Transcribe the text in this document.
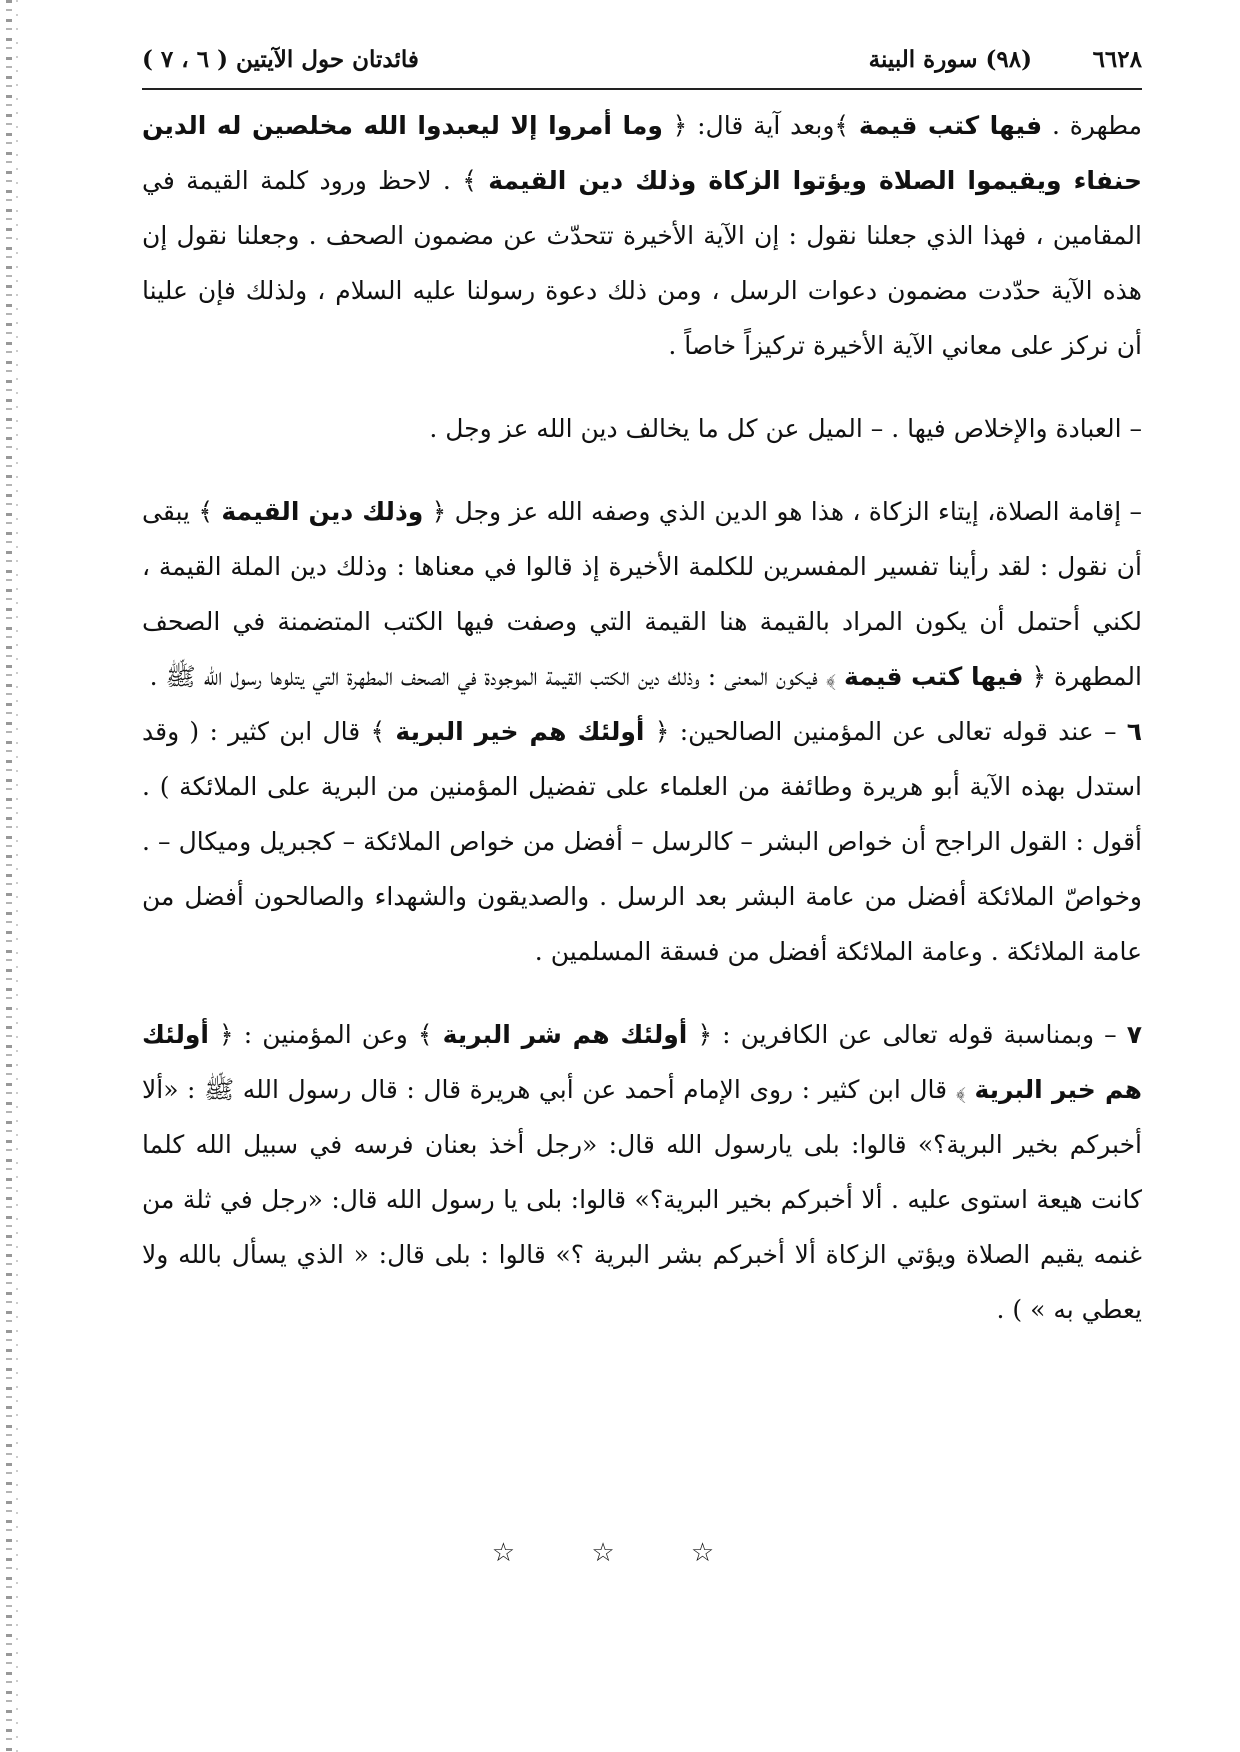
٦٦٢٨
(٩٨) سورة البينة
فائدتان حول الآيتين ( ٦ ، ٧ )

مطهرة . فيها كتب قيمة ﴾وبعد آية قال: ﴿ وما أمروا إلا ليعبدوا الله مخلصين له الدين حنفاء ويقيموا الصلاة ويؤتوا الزكاة وذلك دين القيمة ﴾ . لاحظ ورود كلمة القيمة في المقامين ، فهذا الذي جعلنا نقول : إن الآية الأخيرة تتحدّث عن مضمون الصحف . وجعلنا نقول إن هذه الآية حدّدت مضمون دعوات الرسل ، ومن ذلك دعوة رسولنا عليه السلام ، ولذلك فإن علينا أن نركز على معاني الآية الأخيرة تركيزاً خاصاً .

– العبادة والإخلاص فيها . – الميل عن كل ما يخالف دين الله عز وجل .

– إقامة الصلاة، إيتاء الزكاة ، هذا هو الدين الذي وصفه الله عز وجل ﴿ وذلك دين القيمة ﴾ يبقى أن نقول : لقد رأينا تفسير المفسرين للكلمة الأخيرة إذ قالوا في معناها : وذلك دين الملة القيمة ، لكني أحتمل أن يكون المراد بالقيمة هنا القيمة التي وصفت فيها الكتب المتضمنة في الصحف المطهرة ﴿ فيها كتب قيمة ﴾ فيكون المعنى : وذلك دين الكتب القيمة الموجودة في الصحف المطهرة التي يتلوها رسول الله ﷺ .

٦ – عند قوله تعالى عن المؤمنين الصالحين: ﴿ أولئك هم خير البرية ﴾ قال ابن كثير : ( وقد استدل بهذه الآية أبو هريرة وطائفة من العلماء على تفضيل المؤمنين من البرية على الملائكة ) . أقول : القول الراجح أن خواص البشر – كالرسل – أفضل من خواص الملائكة – كجبريل وميكال – . وخواصّ الملائكة أفضل من عامة البشر بعد الرسل . والصديقون والشهداء والصالحون أفضل من عامة الملائكة . وعامة الملائكة أفضل من فسقة المسلمين .

٧ – وبمناسبة قوله تعالى عن الكافرين : ﴿ أولئك هم شر البرية ﴾ وعن المؤمنين : ﴿ أولئك هم خير البرية ﴾ قال ابن كثير : روى الإمام أحمد عن أبي هريرة قال : قال رسول الله ﷺ : «ألا أخبركم بخير البرية؟» قالوا: بلى يارسول الله قال: «رجل أخذ بعنان فرسه في سبيل الله كلما كانت هيعة استوى عليه . ألا أخبركم بخير البرية؟» قالوا: بلى يا رسول الله قال: «رجل في ثلة من غنمه يقيم الصلاة ويؤتي الزكاة ألا أخبركم بشر البرية ؟» قالوا : بلى قال: « الذي يسأل بالله ولا يعطي به » ) .

☆ ☆ ☆
